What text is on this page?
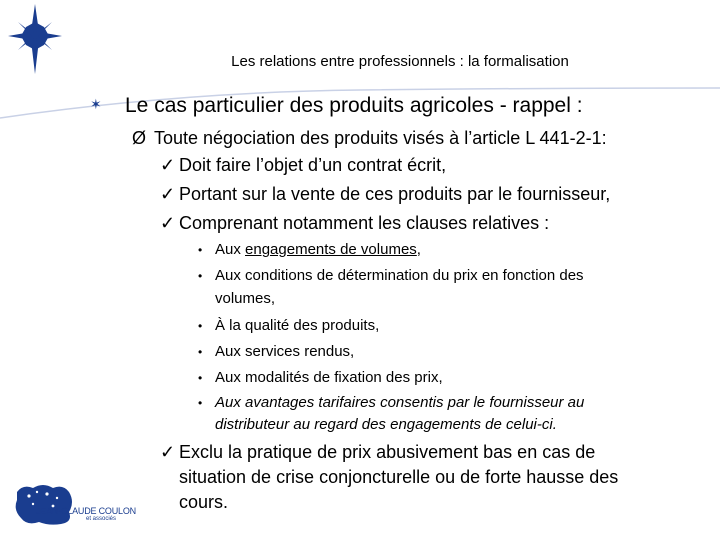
Les relations entre professionnels : la formalisation
✶ Le cas particulier des produits agricoles - rappel :
Ø Toute négociation des produits visés à l’article L 441-2-1:
✓ Doit faire l’objet d’un contrat écrit,
✓ Portant sur la vente de ces produits par le fournisseur,
✓ Comprenant notamment les clauses relatives :
• Aux engagements de volumes,
• Aux conditions de détermination du prix en fonction des
volumes,
• À la qualité des produits,
• Aux services rendus,
• Aux modalités de fixation des prix,
• Aux avantages tarifaires consentis par le fournisseur au
distributeur au regard des engagements de celui-ci.
✓ Exclu la pratique de prix abusivement bas en cas de
situation de crise conjoncturelle ou de forte hausse des
cours.
JEAN-CLAUDE COULON
et associés
